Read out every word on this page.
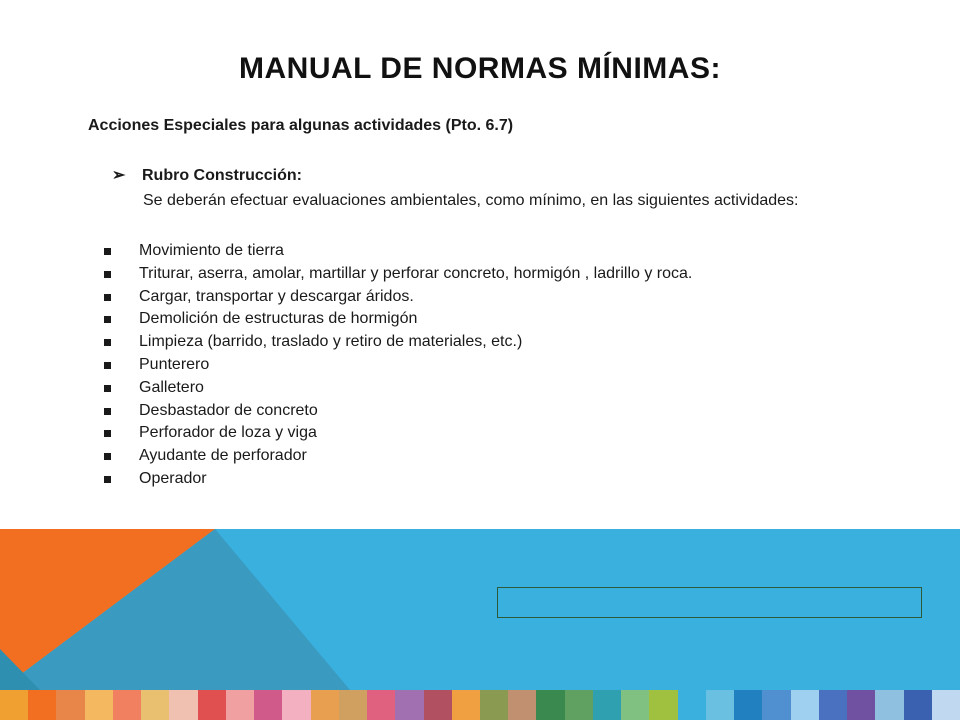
MANUAL DE NORMAS MÍNIMAS:
Acciones Especiales para algunas actividades (Pto. 6.7)
➢ Rubro Construcción:
Se deberán efectuar evaluaciones ambientales, como mínimo, en las siguientes actividades:
Movimiento de tierra
Triturar, aserra, amolar, martillar y perforar concreto, hormigón , ladrillo y roca.
Cargar, transportar y descargar áridos.
Demolición de estructuras de hormigón
Limpieza (barrido, traslado y retiro de materiales, etc.)
Punterero
Galletero
Desbastador de concreto
Perforador de loza y viga
Ayudante de perforador
Operador
